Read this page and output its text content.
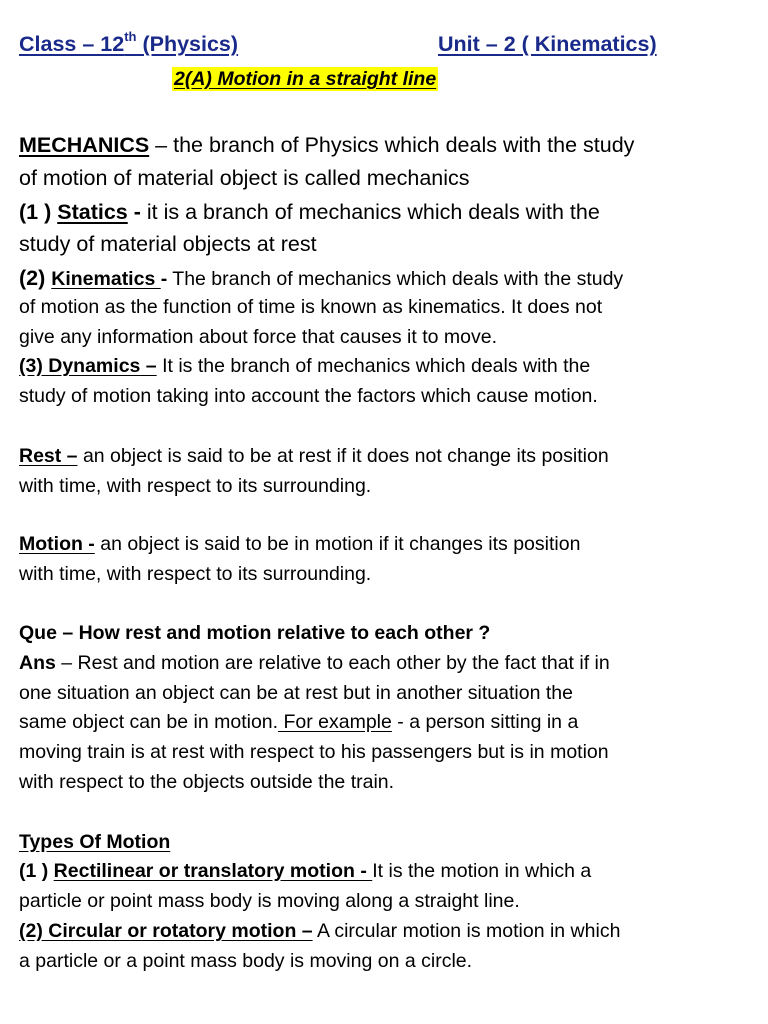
Class – 12th (Physics)	Unit – 2 ( Kinematics)
2(A) Motion in a straight line
MECHANICS – the branch of Physics which deals with the study
of motion of material object is called mechanics
(1 ) Statics - it is a branch of mechanics which deals with the
study of material objects at rest
(2) Kinematics - The branch of mechanics which deals with the study
of motion as the function of time is known as kinematics. It does not
give any information about force that causes it to move.
(3) Dynamics – It is the branch of mechanics which deals with the
study of motion taking into account the factors which cause motion.
Rest – an object is said to be at rest if it does not change its position
with time, with respect to its surrounding.
Motion - an object is said to be in motion if it changes its position
with time, with respect to its surrounding.
Que – How rest and motion relative to each other ?
Ans – Rest and motion are relative to each other by the fact that if in
one situation an object can be at rest but in another situation the
same object can be in motion. For example - a person sitting in a
moving train is at rest with respect to his passengers but is in motion
with respect to the objects outside the train.
Types Of Motion
(1 ) Rectilinear or translatory motion - It is the motion in which a
particle or point mass body is moving along a straight line.
(2) Circular or rotatory motion – A circular motion is motion in which
a particle or a point mass body is moving on a circle.
